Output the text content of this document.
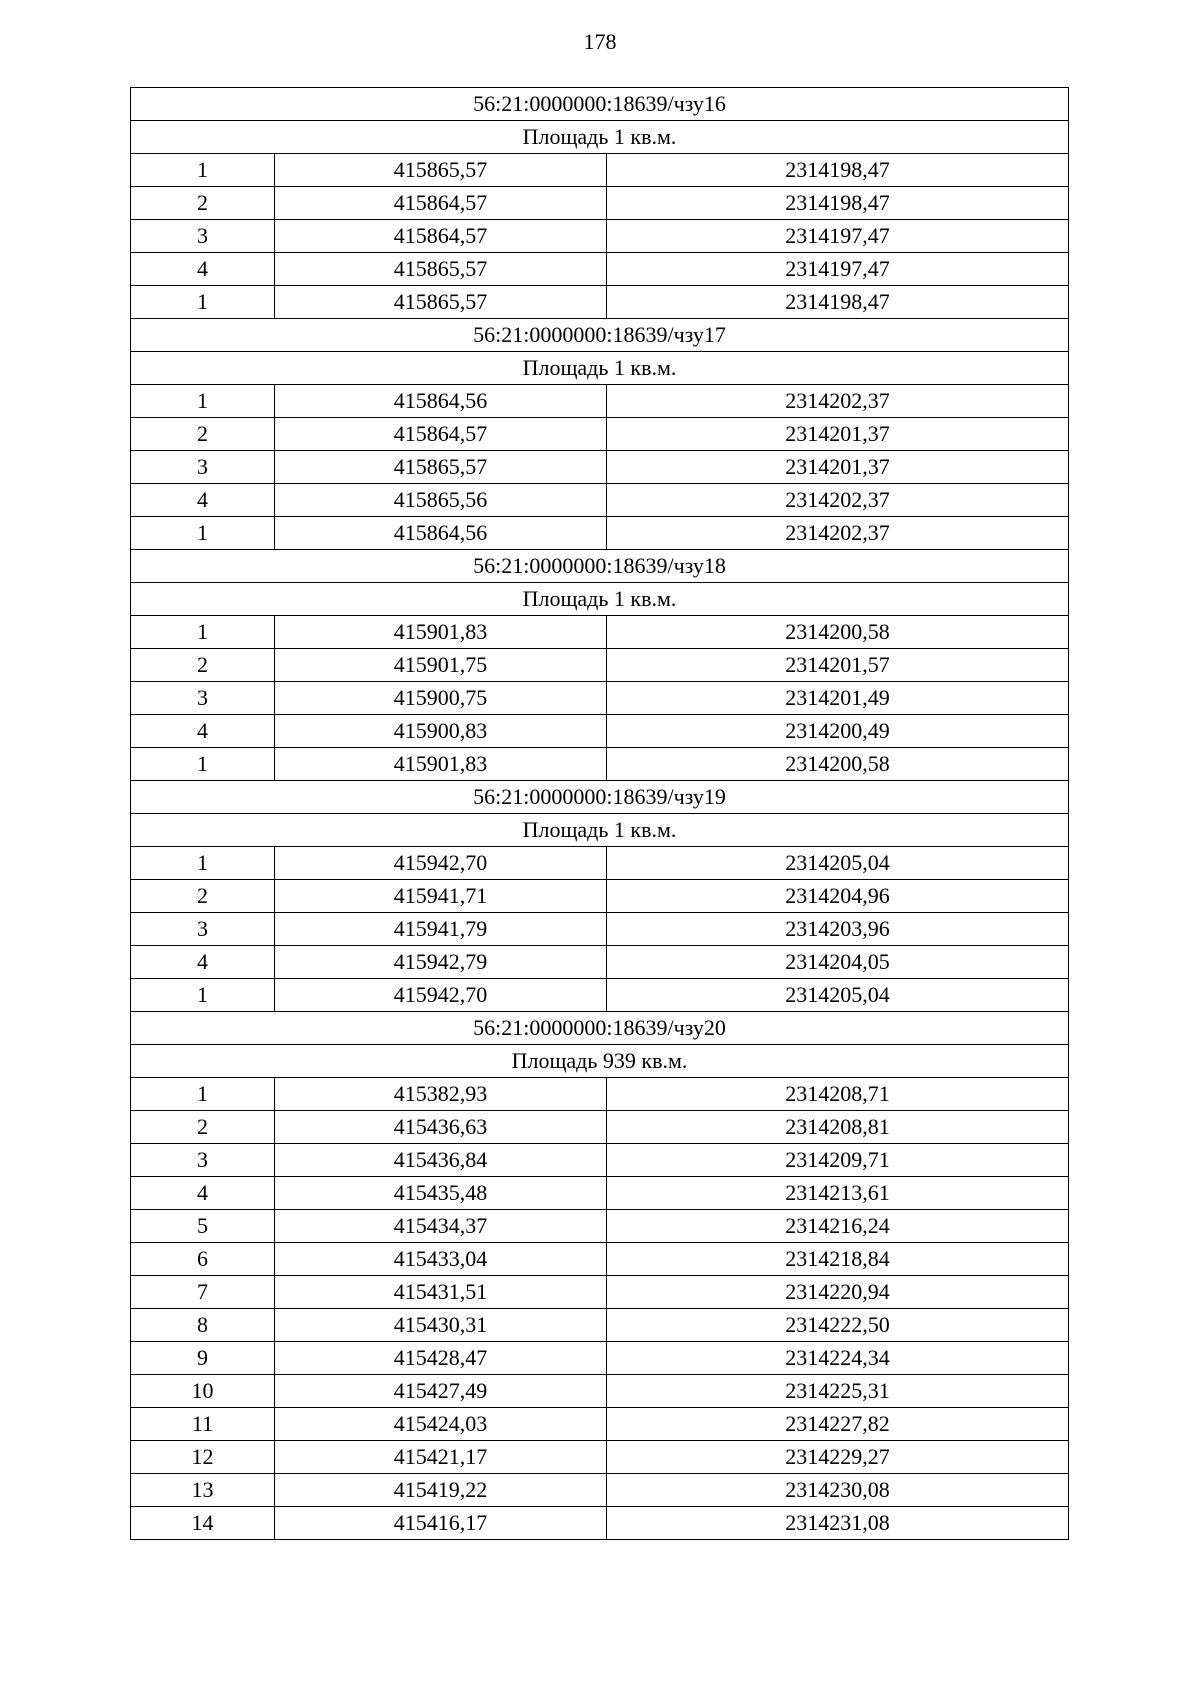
178
56:21:0000000:18639/чзу16		
Площадь 1 кв.м.		
1	415865,57	2314198,47
2	415864,57	2314198,47
3	415864,57	2314197,47
4	415865,57	2314197,47
1	415865,57	2314198,47
56:21:0000000:18639/чзу17		
Площадь 1 кв.м.		
1	415864,56	2314202,37
2	415864,57	2314201,37
3	415865,57	2314201,37
4	415865,56	2314202,37
1	415864,56	2314202,37
56:21:0000000:18639/чзу18		
Площадь 1 кв.м.		
1	415901,83	2314200,58
2	415901,75	2314201,57
3	415900,75	2314201,49
4	415900,83	2314200,49
1	415901,83	2314200,58
56:21:0000000:18639/чзу19		
Площадь 1 кв.м.		
1	415942,70	2314205,04
2	415941,71	2314204,96
3	415941,79	2314203,96
4	415942,79	2314204,05
1	415942,70	2314205,04
56:21:0000000:18639/чзу20		
Площадь 939 кв.м.		
1	415382,93	2314208,71
2	415436,63	2314208,81
3	415436,84	2314209,71
4	415435,48	2314213,61
5	415434,37	2314216,24
6	415433,04	2314218,84
7	415431,51	2314220,94
8	415430,31	2314222,50
9	415428,47	2314224,34
10	415427,49	2314225,31
11	415424,03	2314227,82
12	415421,17	2314229,27
13	415419,22	2314230,08
14	415416,17	2314231,08
